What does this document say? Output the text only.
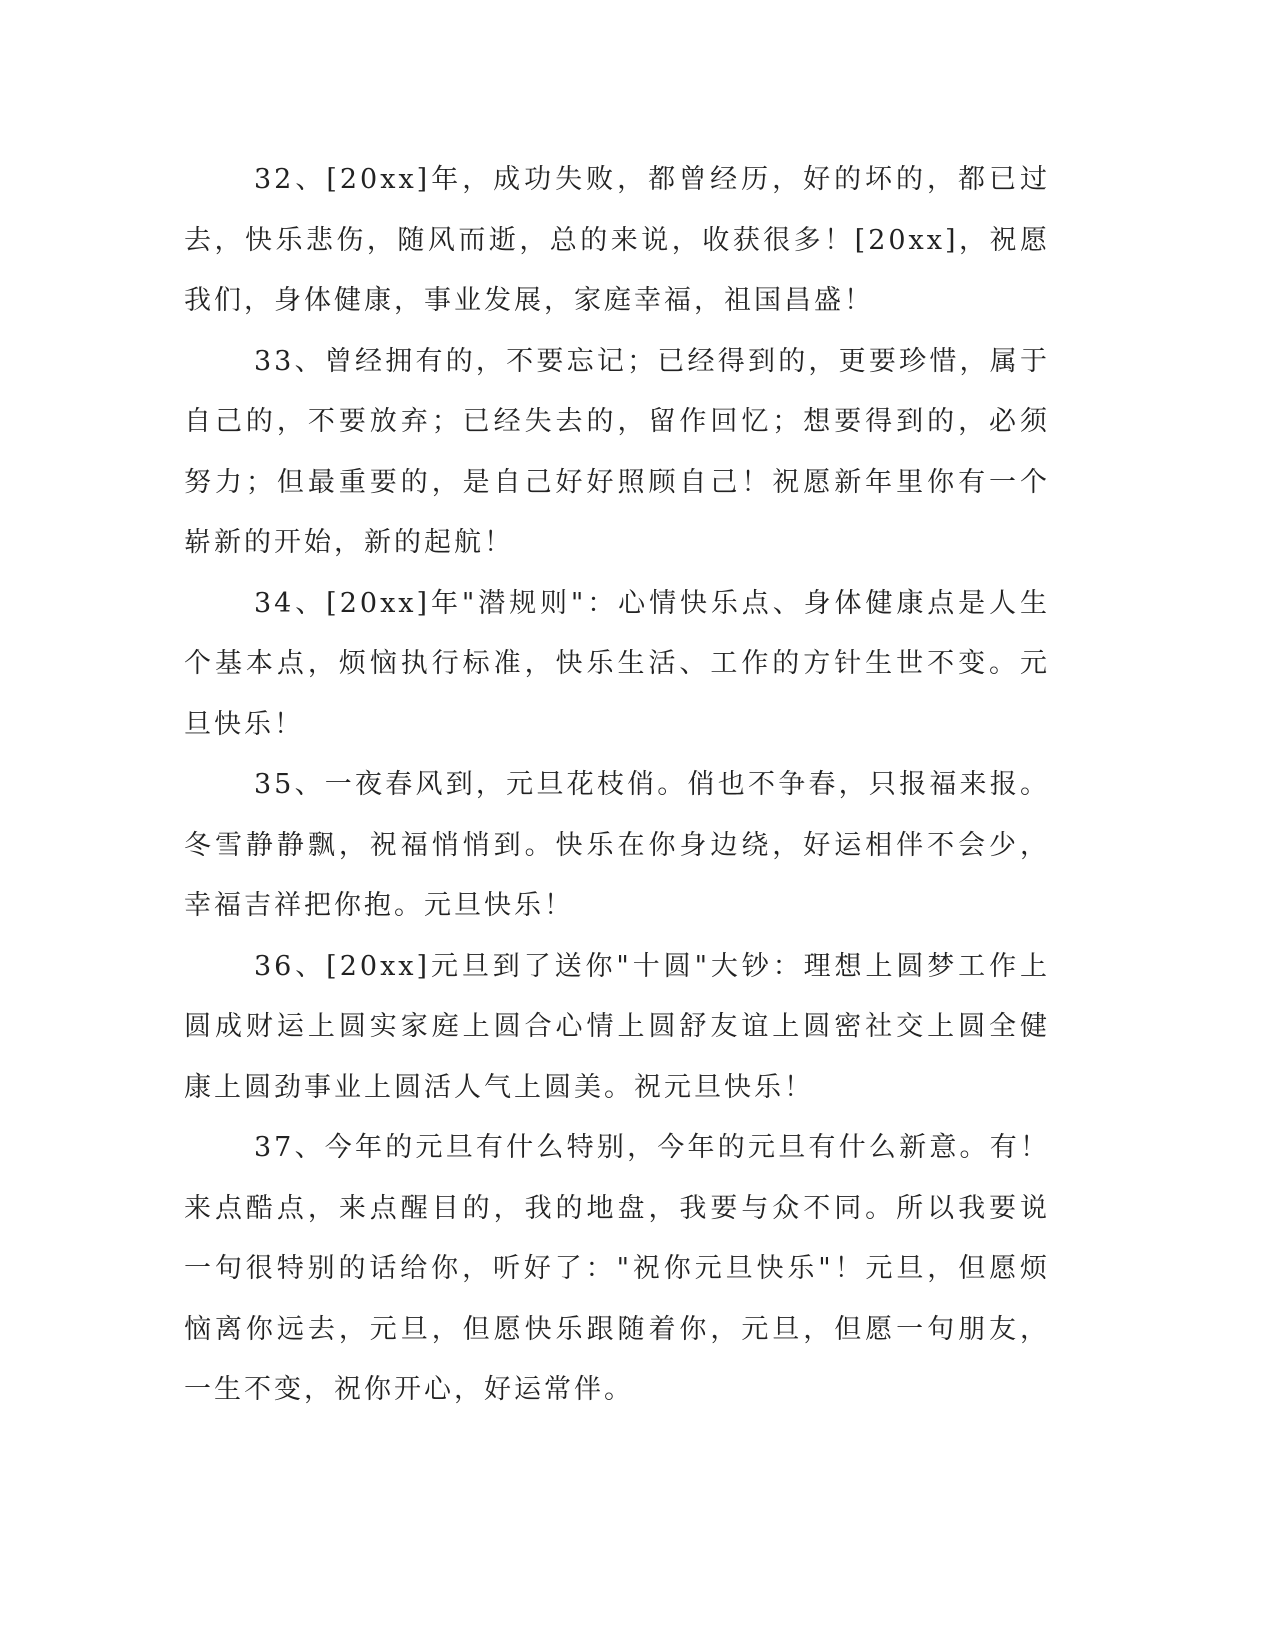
32、[20xx]年，成功失败，都曾经历，好的坏的，都已过去，快乐悲伤，随风而逝，总的来说，收获很多！[20xx]，祝愿我们，身体健康，事业发展，家庭幸福，祖国昌盛！

33、曾经拥有的，不要忘记；已经得到的，更要珍惜，属于自己的，不要放弃；已经失去的，留作回忆；想要得到的，必须努力；但最重要的，是自己好好照顾自己！祝愿新年里你有一个崭新的开始，新的起航！

34、[20xx]年"潜规则"：心情快乐点、身体健康点是人生个基本点，烦恼执行标准，快乐生活、工作的方针生世不变。元旦快乐！

35、一夜春风到，元旦花枝俏。俏也不争春，只报福来报。冬雪静静飘，祝福悄悄到。快乐在你身边绕，好运相伴不会少，幸福吉祥把你抱。元旦快乐！

36、[20xx]元旦到了送你"十圆"大钞：理想上圆梦工作上圆成财运上圆实家庭上圆合心情上圆舒友谊上圆密社交上圆全健康上圆劲事业上圆活人气上圆美。祝元旦快乐！

37、今年的元旦有什么特别，今年的元旦有什么新意。有！来点酷点，来点醒目的，我的地盘，我要与众不同。所以我要说一句很特别的话给你，听好了："祝你元旦快乐"！元旦，但愿烦恼离你远去，元旦，但愿快乐跟随着你，元旦，但愿一句朋友，一生不变，祝你开心，好运常伴。
